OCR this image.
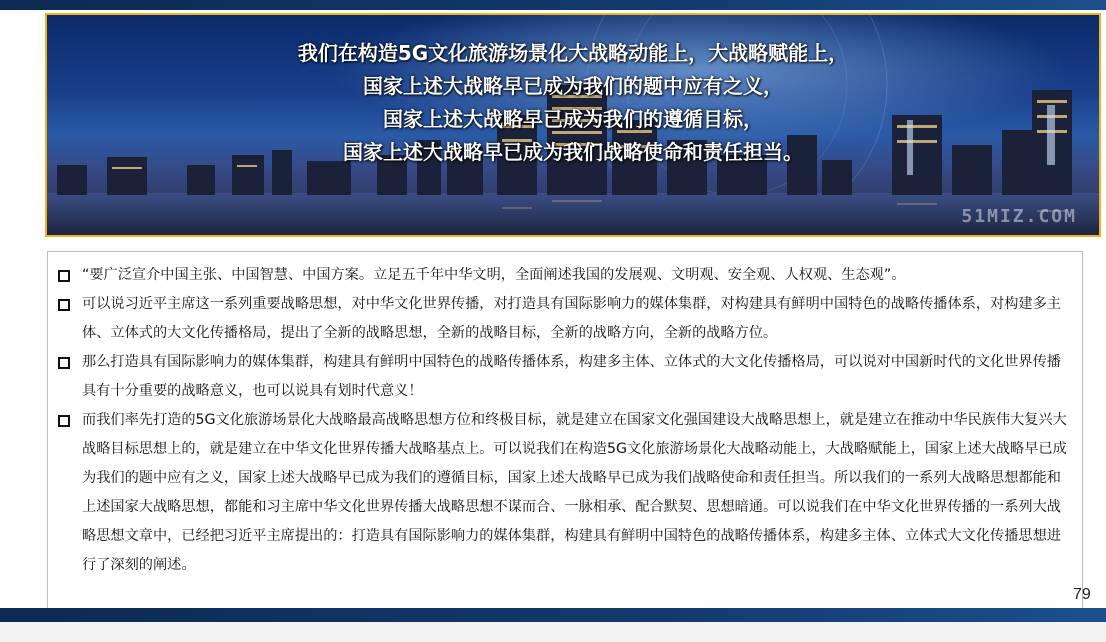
我们在构造5G文化旅游场景化大战略动能上，大战略赋能上，
国家上述大战略早已成为我们的题中应有之义，
国家上述大战略早已成为我们的遵循目标，
国家上述大战略早已成为我们战略使命和责任担当。
51MIZ.COM
“要广泛宣介中国主张、中国智慧、中国方案。立足五千年中华文明，全面阐述我国的发展观、文明观、安全观、人权观、生态观”。
可以说习近平主席这一系列重要战略思想，对中华文化世界传播，对打造具有国际影响力的媒体集群，对构建具有鲜明中国特色的战略传播体系，对构建多主体、立体式的大文化传播格局，提出了全新的战略思想，全新的战略目标，全新的战略方向，全新的战略方位。
那么打造具有国际影响力的媒体集群，构建具有鲜明中国特色的战略传播体系，构建多主体、立体式的大文化传播格局，可以说对中国新时代的文化世界传播具有十分重要的战略意义，也可以说具有划时代意义！
而我们率先打造的5G文化旅游场景化大战略最高战略思想方位和终极目标，就是建立在国家文化强国建设大战略思想上，就是建立在推动中华民族伟大复兴大战略目标思想上的，就是建立在中华文化世界传播大战略基点上。可以说我们在构造5G文化旅游场景化大战略动能上，大战略赋能上，国家上述大战略早已成为我们的题中应有之义，国家上述大战略早已成为我们的遵循目标，国家上述大战略早已成为我们战略使命和责任担当。所以我们的一系列大战略思想都能和上述国家大战略思想，都能和习主席中华文化世界传播大战略思想不谋而合、一脉相承、配合默契、思想暗通。可以说我们在中华文化世界传播的一系列大战略思想文章中，已经把习近平主席提出的：打造具有国际影响力的媒体集群，构建具有鲜明中国特色的战略传播体系，构建多主体、立体式大文化传播思想进行了深刻的阐述。
79
